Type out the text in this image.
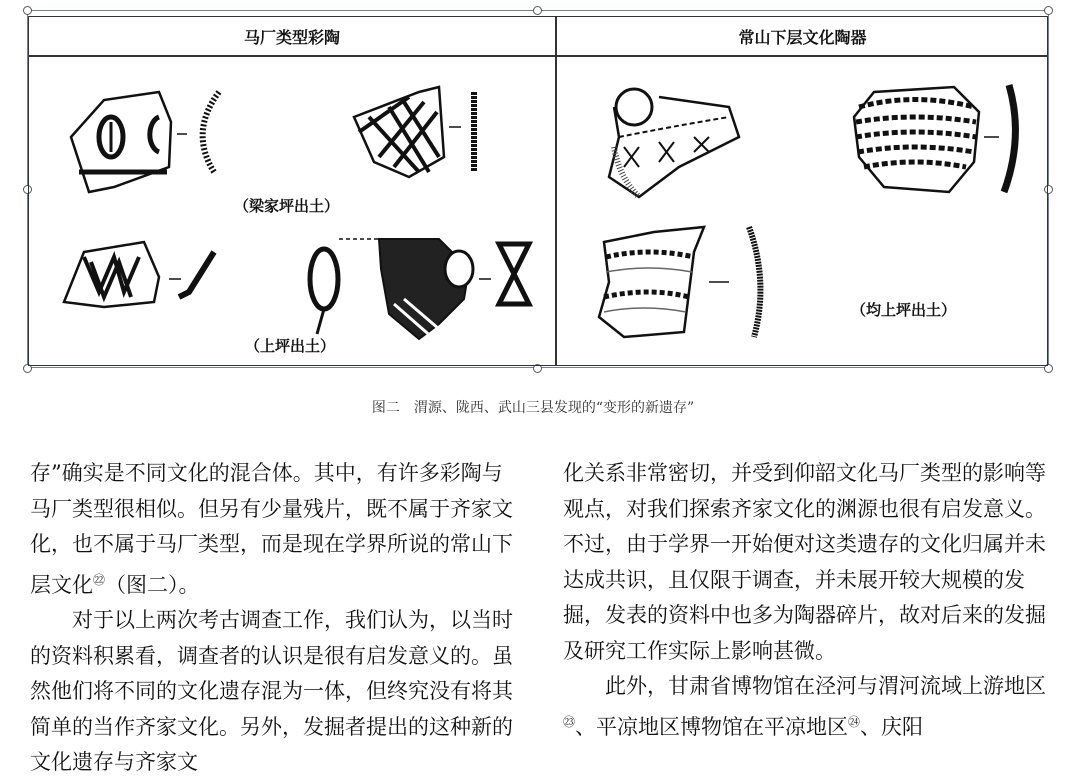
马厂类型彩陶	常山下层文化陶器
（梁家坪出土）
（上坪出土）
（均上坪出土）
图二　渭源、陇西、武山三县发现的“变形的新遗存”

存”确实是不同文化的混合体。其中，有许多彩陶与马厂类型很相似。但另有少量残片，既不属于齐家文化，也不属于马厂类型，而是现在学界所说的常山下层文化$^㉒$（图二）。

对于以上两次考古调查工作，我们认为，以当时的资料积累看，调查者的认识是很有启发意义的。虽然他们将不同的文化遗存混为一体，但终究没有将其简单的当作齐家文化。另外，发掘者提出的这种新的文化遗存与齐家文

化关系非常密切，并受到仰韶文化马厂类型的影响等观点，对我们探索齐家文化的渊源也很有启发意义。不过，由于学界一开始便对这类遗存的文化归属并未达成共识，且仅限于调查，并未展开较大规模的发掘，发表的资料中也多为陶器碎片，故对后来的发掘及研究工作实际上影响甚微。

此外，甘肃省博物馆在泾河与渭河流域上游地区$^㉓$、平凉地区博物馆在平凉地区$^㉔$、庆阳
